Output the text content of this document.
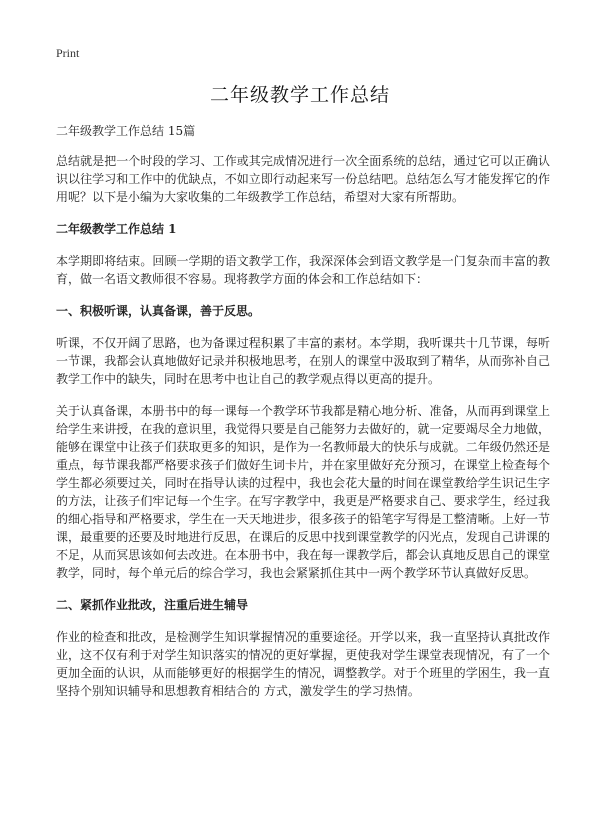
Print
二年级教学工作总结

二年级教学工作总结 15篇

总结就是把一个时段的学习、工作或其完成情况进行一次全面系统的总结，通过它可以正确认识以往学习和工作中的优缺点，不如立即行动起来写一份总结吧。总结怎么写才能发挥它的作用呢？以下是小编为大家收集的二年级教学工作总结，希望对大家有所帮助。

二年级教学工作总结 1

本学期即将结束。回顾一学期的语文教学工作，我深深体会到语文教学是一门复杂而丰富的教育，做一名语文教师很不容易。现将教学方面的体会和工作总结如下：

一、积极听课，认真备课，善于反思。

听课，不仅开阔了思路，也为备课过程积累了丰富的素材。本学期，我听课共十几节课，每听一节课，我都会认真地做好记录并积极地思考，在别人的课堂中汲取到了精华，从而弥补自己教学工作中的缺失，同时在思考中也让自己的教学观点得以更高的提升。

关于认真备课，本册书中的每一课每一个教学环节我都是精心地分析、准备，从而再到课堂上给学生来讲授，在我的意识里，我觉得只要是自己能努力去做好的，就一定要竭尽全力地做，能够在课堂中让孩子们获取更多的知识，是作为一名教师最大的快乐与成就。二年级仍然还是重点，每节课我都严格要求孩子们做好生词卡片，并在家里做好充分预习，在课堂上检查每个学生都必须要过关，同时在指导认读的过程中，我也会花大量的时间在课堂教给学生识记生字的方法，让孩子们牢记每一个生字。在写字教学中，我更是严格要求自己、要求学生，经过我的细心指导和严格要求，学生在一天天地进步，很多孩子的铅笔字写得是工整清晰。上好一节课，最重要的还要及时地进行反思，在课后的反思中找到课堂教学的闪光点，发现自己讲课的不足，从而冥思该如何去改进。在本册书中，我在每一课教学后，都会认真地反思自己的课堂教学，同时，每个单元后的综合学习，我也会紧紧抓住其中一两个教学环节认真做好反思。

二、紧抓作业批改，注重后进生辅导

作业的检查和批改，是检测学生知识掌握情况的重要途径。开学以来，我一直坚持认真批改作业，这不仅有利于对学生知识落实的情况的更好掌握，更使我对学生课堂表现情况，有了一个更加全面的认识，从而能够更好的根据学生的情况，调整教学。对于个班里的学困生，我一直坚持个别知识辅导和思想教育相结合的 方式，激发学生的学习热情。
